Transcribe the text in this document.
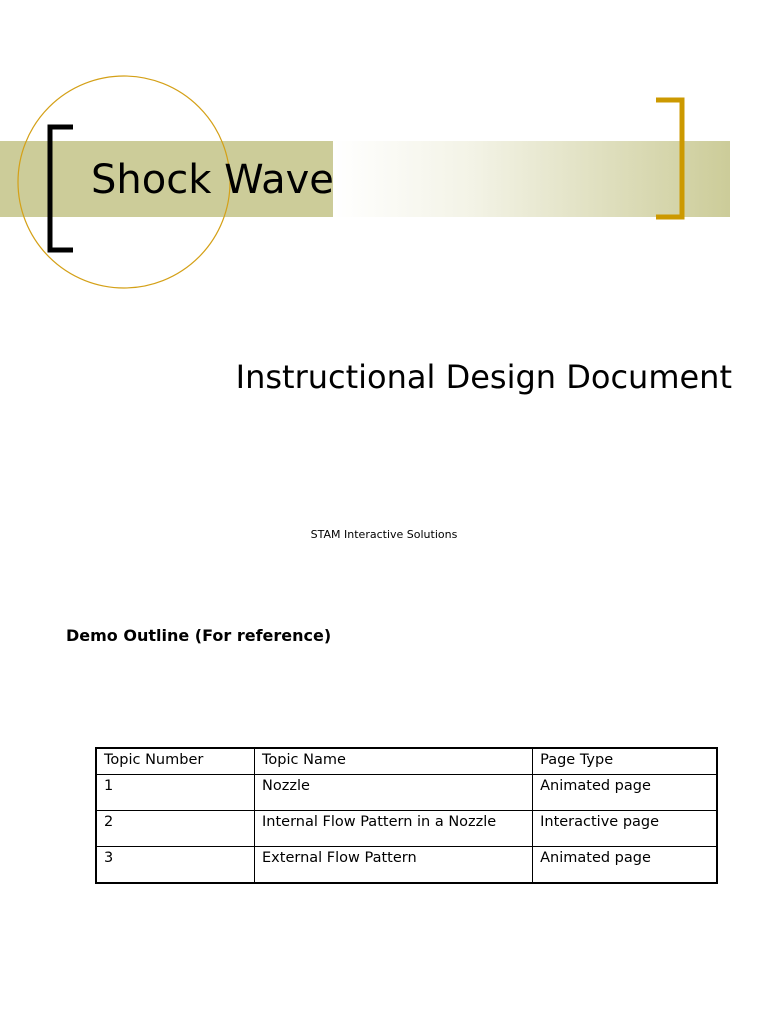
Shock Wave
Instructional Design Document
STAM Interactive Solutions
Demo Outline (For reference)
Topic Number	Topic Name	Page Type
1	Nozzle	Animated page
2	Internal Flow Pattern in a Nozzle	Interactive page
3	External Flow Pattern	Animated page
